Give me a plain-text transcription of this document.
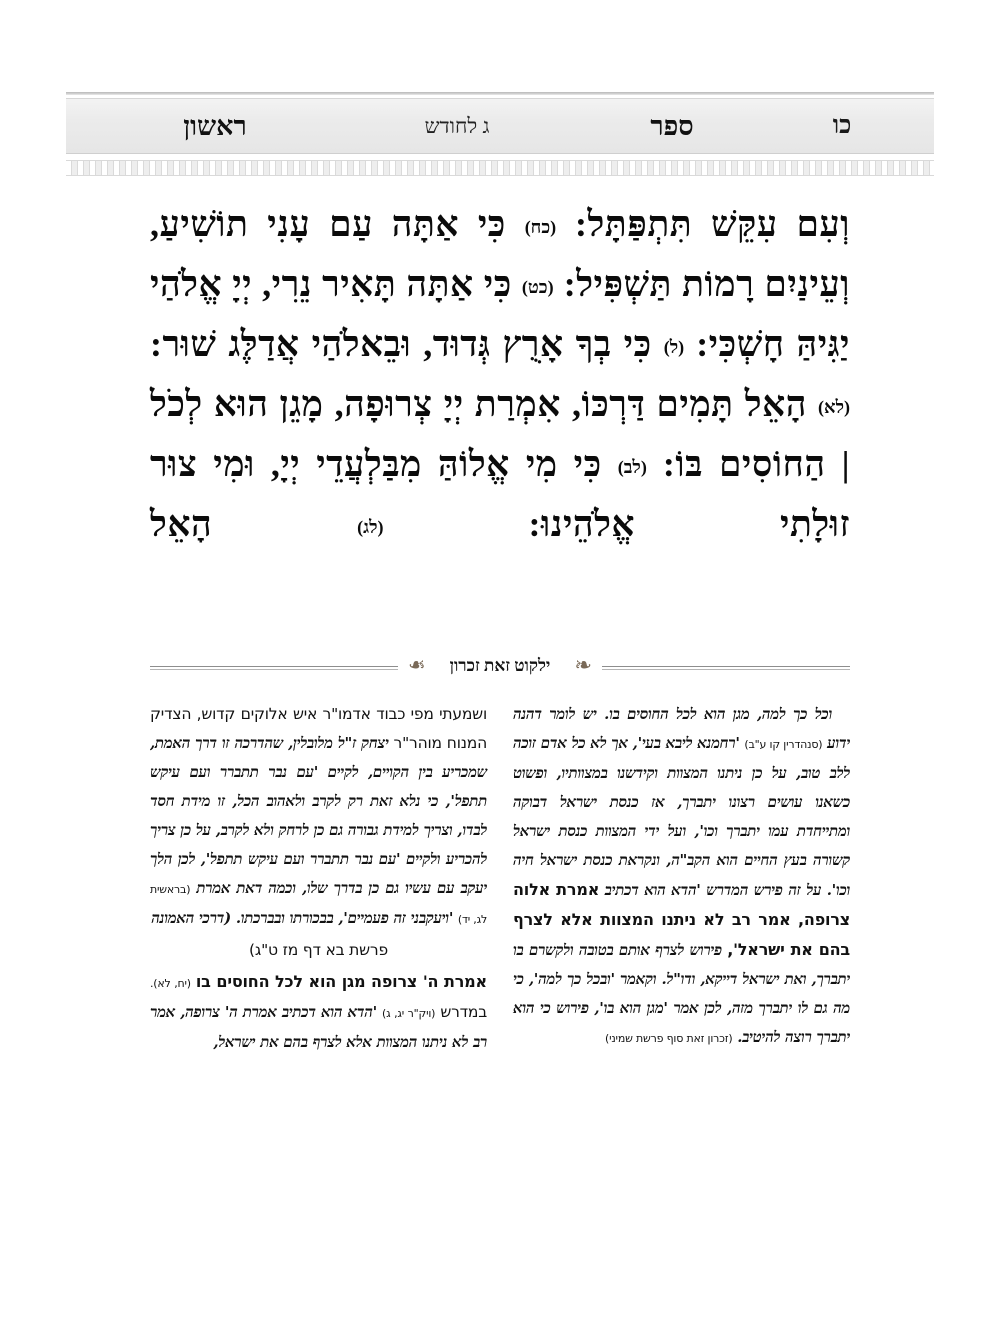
כו
ספר
ג לחודש
ראשון
וְעִם עִקֵּשׁ תִּתְפַּתָּל: (כח) כִּי אַתָּה עַם עָנִי תוֹשִׁיעַ, וְעֵינַיִם רָמוֹת תַּשְׁפִּיל: (כט) כִּי אַתָּה תָּאִיר נֵרִי, יְיָ אֱלֹהַי יַגִּיהַּ חָשְׁכִּי: (ל) כִּי בְךָ אָרֻץ גְּדוּד, וּבֵאלֹהַי אֲדַלֶּג שׁוּר: (לא) הָאֵל תָּמִים דַּרְכּוֹ, אִמְרַת יְיָ צְרוּפָה, מָגֵן הוּא לְכֹל | הַחוֹסִים בּוֹ: (לב) כִּי מִי אֱלוֹהַּ מִבַּלְעֲדֵי יְיָ, וּמִי צוּר זוּלָתִי אֱלֹהֵינוּ: (לג) הָאֵל
❧
ילקוט זאת זכרון
❧

ושמעתי מפי כבוד אדמו"ר איש אלוקים קדוש, הצדיק המנוח מוהר"ר יצחק ז"ל מלובלין, שהדרכה זו דרך האמת, שמכריע בין הקויים, לקיים 'עם נבר תתברר ועם עיקש תתפל', כי נלא זאת רק לקרב ולאהוב הכל, זו מידת חסד לבדו, וצריך למידת גבורה גם כן לרחק ולא לקרב, על כן צריך להכריע ולקיים 'עם נבר תתברר ועם עיקש תתפל', לכן הלך יעקב עם עשיו גם כן בדרך שלו, וכמה דאת אמרת (בראשית לג, יד) 'ויעקבני זה פעמיים', בבכורתו ובברכתו. (דרכי האמונה

פרשת בא דף מז ט"ג)

אמרת ה' צרופה מגן הוא לכל החוסים בו (יח, לא). במדרש (ויק"ר יג, ג) 'הדא הוא דכתיב אמרת ה' צרופה, אמר רב לא ניתנו המצוות אלא לצרף בהם את ישראל,

וכל כך למה, מגן הוא לכל החוסים בו. יש לומר דהנה ידוע (סנהדרין קו ע"ב) 'רחמנא ליבא בעי', אך לא כל אדם זוכה ללב טוב, על כן ניתנו המצוות וקידשנו במצוותיו, ופשוט כשאנו עושים רצונו יתברך, אז כנסת ישראל דבוקה ומתייחדת עמו יתברך וכו', ועל ידי המצוות כנסת ישראל קשורה בעץ החיים הוא הקב"ה, ונקראת כנסת ישראל חיה וכו'. על זה פירש המדרש 'הדא הוא דכתיב אמרת אלוה צרופה, אמר רב לא ניתנו המצוות אלא לצרף בהם את ישראל', פירוש לצרף אותם בטובה ולקשרם בו יתברך, ואת ישראל דייקא, ודו"ל. וקאמר 'ובכל כך למה', כי מה גם לו יתברך מזה, לכן אמר 'מגן הוא בו', פירוש כי הוא יתברך רוצה להיטיב. (זכרון זאת סוף פרשת שמיני)
